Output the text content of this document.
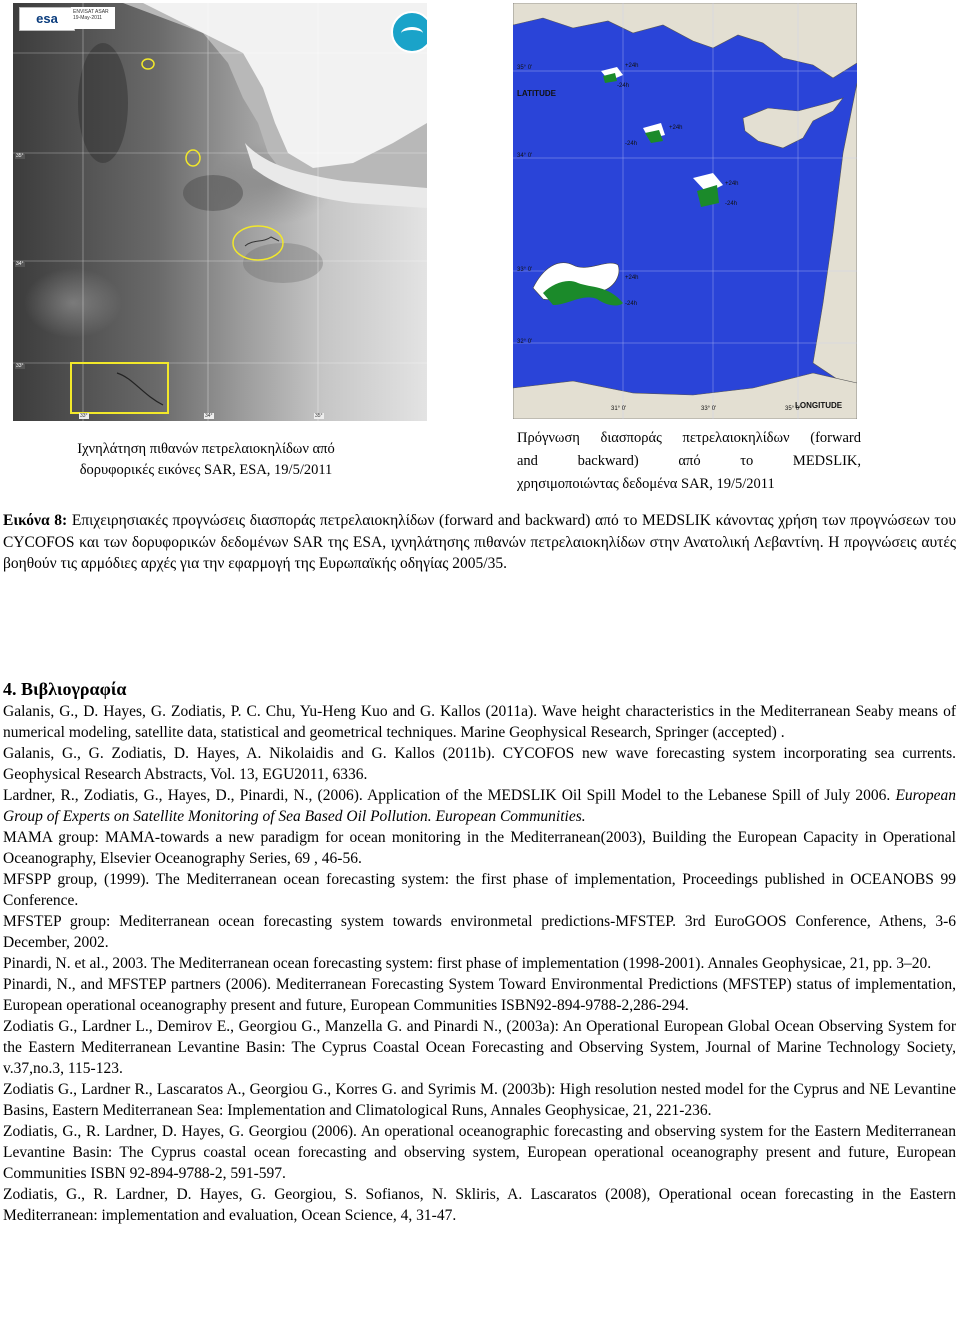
esa	ENVISAT ASAR
19-May-2011
35°
34°
33°
33°	34°	35°
Ιχνηλάτηση πιθανών πετρελαιοκηλίδων από
δορυφορικές εικόνες SAR, ESA, 19/5/2011
LATITUDE
LONGITUDE
35° 0'
34° 0'
33° 0'
32° 0'
31° 0'	33° 0'	35° 0'
+24h
-24h
+24h
-24h
+24h
-24h
+24h
-24h
Πρόγνωση διασποράς πετρελαιοκηλίδων (forward
and backward) από το MEDSLIK,
χρησιμοποιώντας δεδομένα SAR, 19/5/2011
Εικόνα 8: Επιχειρησιακές προγνώσεις διασποράς πετρελαιοκηλίδων (forward and backward) από το MEDSLIK κάνοντας χρήση των προγνώσεων του CYCOFOS και των δορυφορικών δεδομένων SAR της ESA, ιχνηλάτησης πιθανών πετρελαιοκηλίδων στην Ανατολική Λεβαντίνη. Η προγνώσεις αυτές βοηθούν τις αρμόδιες αρχές για την εφαρμογή της Ευρωπαϊκής οδηγίας 2005/35.
4. Βιβλιογραφία

Galanis, G., D. Hayes, G. Zodiatis, P. C. Chu, Yu-Heng Kuo and G. Kallos (2011a). Wave height characteristics in the Mediterranean Seaby means of numerical modeling, satellite data, statistical and geometrical techniques. Marine Geophysical Research, Springer (accepted) .

Galanis, G., G. Zodiatis, D. Hayes, A. Nikolaidis and G. Kallos (2011b). CYCOFOS new wave forecasting system incorporating sea currents. Geophysical Research Abstracts, Vol. 13, EGU2011, 6336.

Lardner, R., Zodiatis, G., Hayes, D., Pinardi, N., (2006). Application of the MEDSLIK Oil Spill Model to the Lebanese Spill of July 2006. European Group of Experts on Satellite Monitoring of Sea Based Oil Pollution. European Communities.

MAMA group: MAMA-towards a new paradigm for ocean monitoring in the Mediterranean(2003), Building the European Capacity in Operational Oceanography, Elsevier Oceanography Series, 69 , 46-56.

MFSPP group, (1999). The Mediterranean ocean forecasting system: the first phase of implementation, Proceedings published in OCEANOBS 99 Conference.

MFSTEP group: Mediterranean ocean forecasting system towards environmetal predictions-MFSTEP. 3rd EuroGOOS Conference, Athens, 3-6 December, 2002.

Pinardi, N. et al., 2003. The Mediterranean ocean forecasting system: first phase of implementation (1998-2001). Annales Geophysicae, 21, pp. 3–20.

Pinardi, N., and MFSTEP partners (2006). Mediterranean Forecasting System Toward Environmental Predictions (MFSTEP) status of implementation, European operational oceanography present and future, European Communities ISBN92-894-9788-2,286-294.

Zodiatis G., Lardner L., Demirov E., Georgiou G., Manzella G. and Pinardi N., (2003a): An Operational European Global Ocean Observing System for the Eastern Mediterranean Levantine Basin: The Cyprus Coastal Ocean Forecasting and Observing System, Journal of Marine Technology Society, v.37,no.3, 115-123.

Zodiatis G., Lardner R., Lascaratos A., Georgiou G., Korres G. and Syrimis M. (2003b): High resolution nested model for the Cyprus and NE Levantine Basins, Eastern Mediterranean Sea: Implementation and Climatological Runs, Annales Geophysicae, 21, 221-236.

Zodiatis, G., R. Lardner, D. Hayes, G. Georgiou (2006). An operational oceanographic forecasting and observing system for the Eastern Mediterranean Levantine Basin: The Cyprus coastal ocean forecasting and observing system, European operational oceanography present and future, European Communities ISBN 92-894-9788-2, 591-597.

Zodiatis, G., R. Lardner, D. Hayes, G. Georgiou, S. Sofianos, N. Skliris, A. Lascaratos (2008), Operational ocean forecasting in the Eastern Mediterranean: implementation and evaluation, Ocean Science, 4, 31-47.
